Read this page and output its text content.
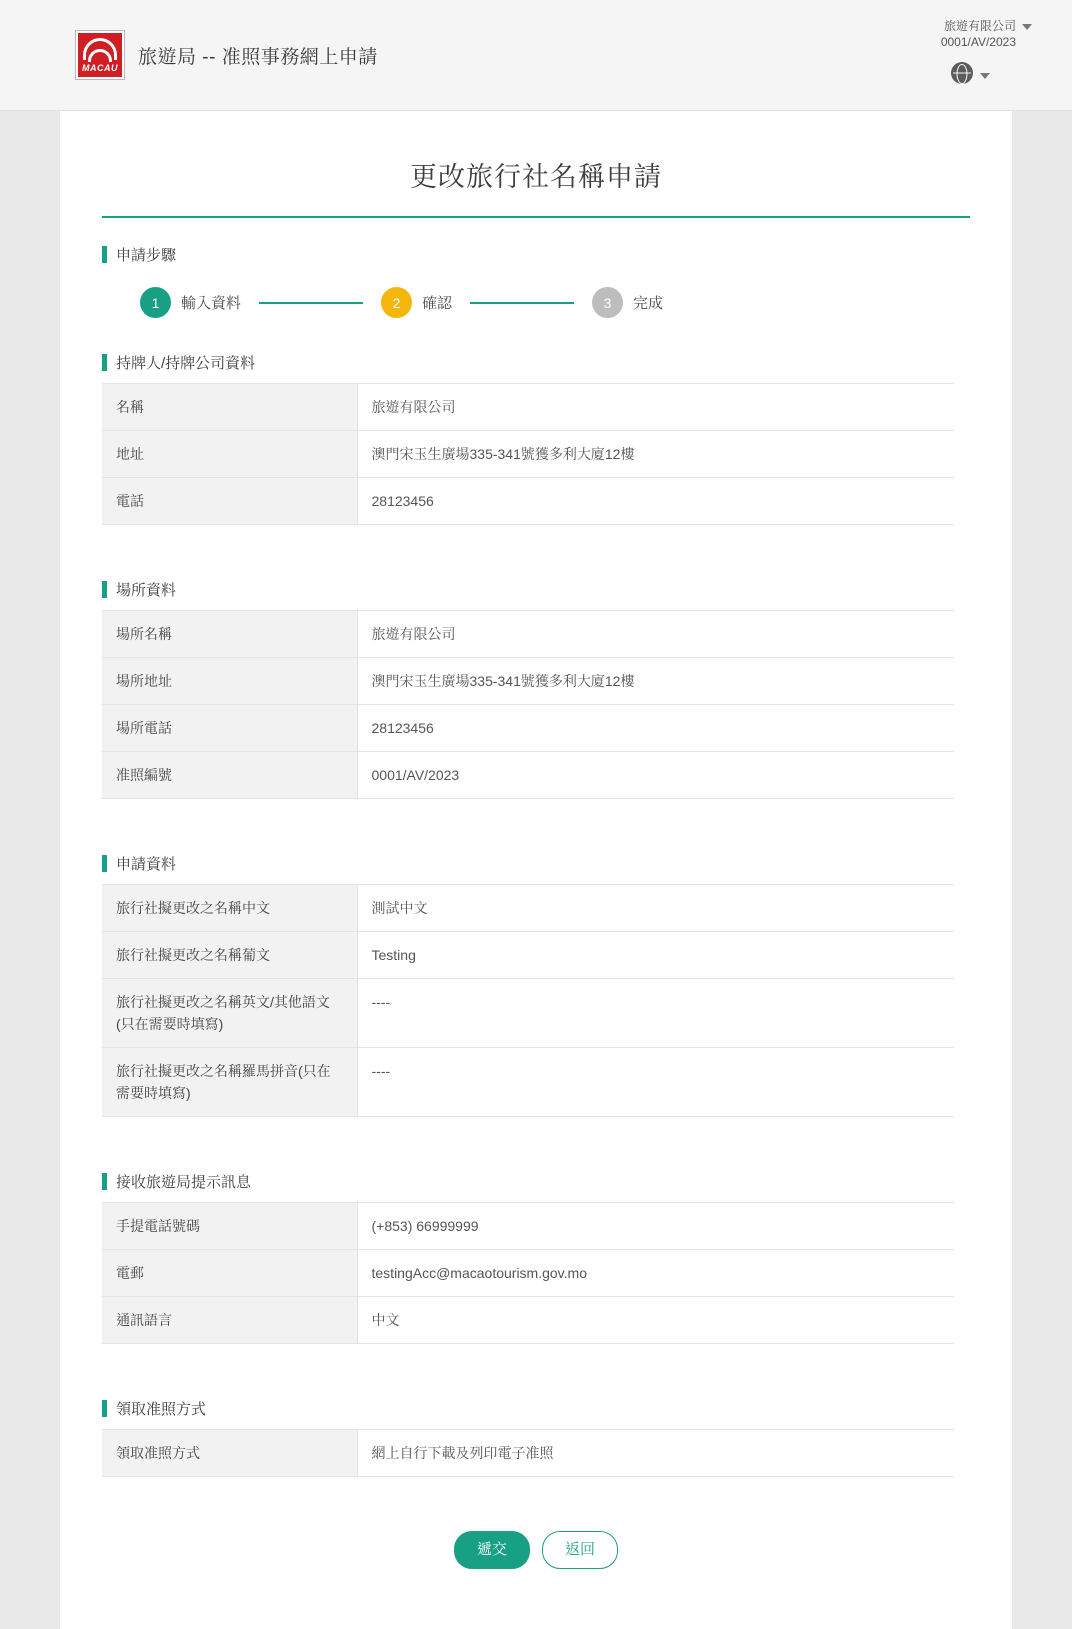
MACAU
旅遊局 -- 准照事務網上申請
旅遊有限公司
0001/AV/2023
更改旅行社名稱申請
申請步驟
1	輸入資料	2	確認	3	完成
持牌人/持牌公司資料
名稱	旅遊有限公司
地址	澳門宋玉生廣場335-341號獲多利大廈12樓
電話	28123456
場所資料
場所名稱	旅遊有限公司
場所地址	澳門宋玉生廣場335-341號獲多利大廈12樓
場所電話	28123456
准照編號	0001/AV/2023
申請資料
旅行社擬更改之名稱中文	測試中文
旅行社擬更改之名稱葡文	Testing
旅行社擬更改之名稱英文/其他語文(只在需要時填寫)	----
旅行社擬更改之名稱羅馬拼音(只在需要時填寫)	----
接收旅遊局提示訊息
手提電話號碼	(+853) 66999999
電郵	testingAcc@macaotourism.gov.mo
通訊語言	中文
領取准照方式
領取准照方式	網上自行下載及列印電子准照
遞交	返回
